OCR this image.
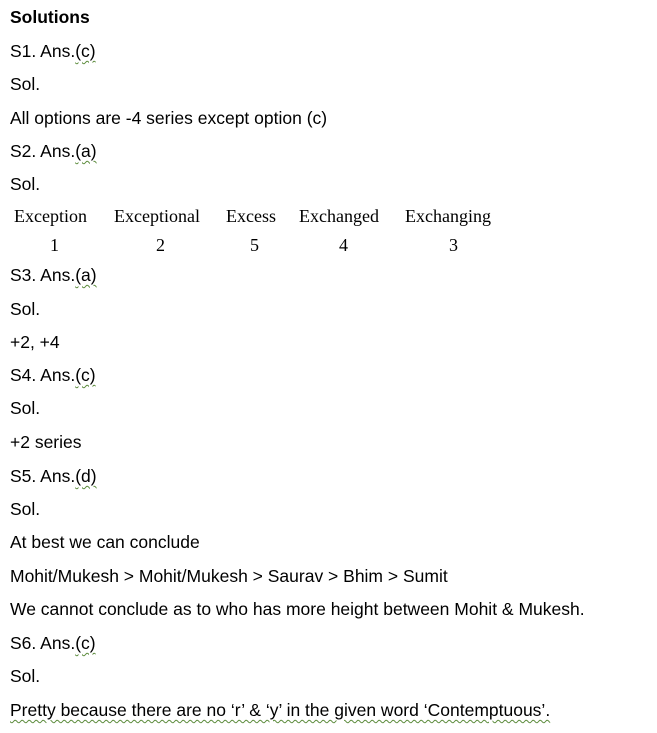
Solutions
S1. Ans.(c)
Sol.
All options are -4 series except option (c)
S2. Ans.(a)
Sol.
Exception Exceptional Excess Exchanged Exchanging
1	2	5	4	3
S3. Ans.(a)
Sol.
+2, +4
S4. Ans.(c)
Sol.
+2 series
S5. Ans.(d)
Sol.
At best we can conclude
Mohit/Mukesh > Mohit/Mukesh > Saurav > Bhim > Sumit
We cannot conclude as to who has more height between Mohit & Mukesh.
S6. Ans.(c)
Sol.
Pretty because there are no ‘r’ & ‘y’ in the given word ‘Contemptuous’.
